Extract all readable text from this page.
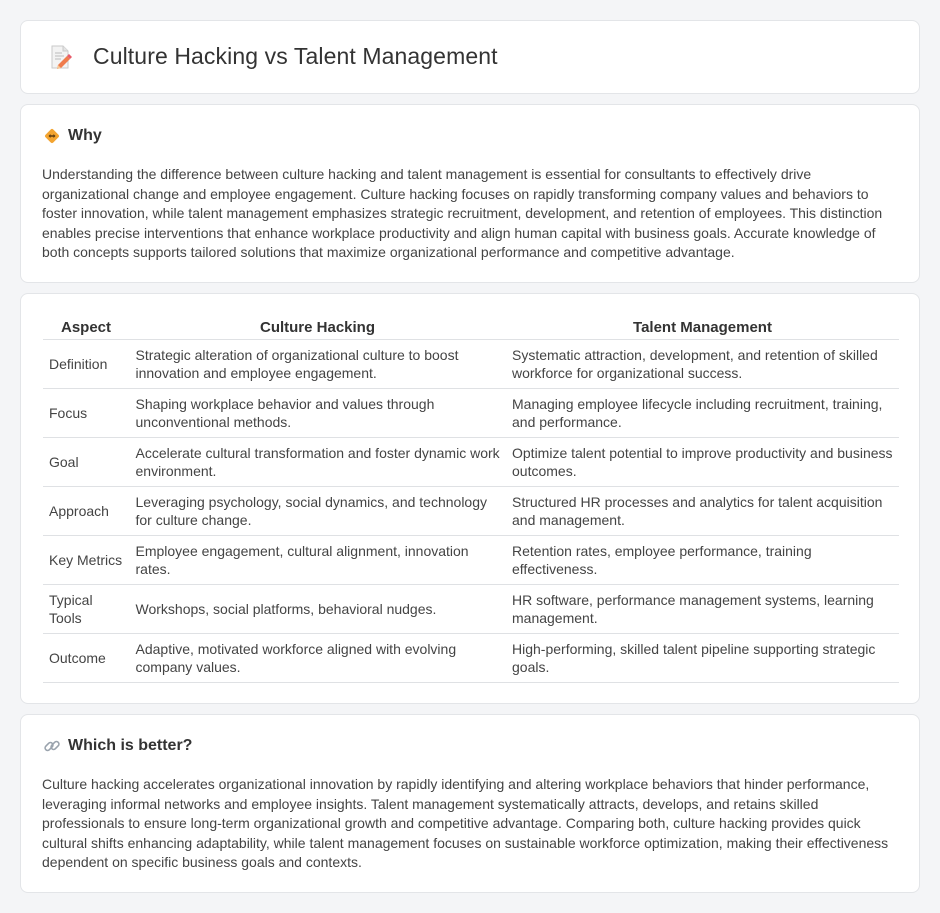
Culture Hacking vs Talent Management
Why

Understanding the difference between culture hacking and talent management is essential for consultants to effectively drive organizational change and employee engagement. Culture hacking focuses on rapidly transforming company values and behaviors to foster innovation, while talent management emphasizes strategic recruitment, development, and retention of employees. This distinction enables precise interventions that enhance workplace productivity and align human capital with business goals. Accurate knowledge of both concepts supports tailored solutions that maximize organizational performance and competitive advantage.

Aspect	Culture Hacking	Talent Management
Definition	Strategic alteration of organizational culture to boost innovation and employee engagement.	Systematic attraction, development, and retention of skilled workforce for organizational success.
Focus	Shaping workplace behavior and values through unconventional methods.	Managing employee lifecycle including recruitment, training, and performance.
Goal	Accelerate cultural transformation and foster dynamic work environment.	Optimize talent potential to improve productivity and business outcomes.
Approach	Leveraging psychology, social dynamics, and technology for culture change.	Structured HR processes and analytics for talent acquisition and management.
Key Metrics	Employee engagement, cultural alignment, innovation rates.	Retention rates, employee performance, training effectiveness.
Typical Tools	Workshops, social platforms, behavioral nudges.	HR software, performance management systems, learning management.
Outcome	Adaptive, motivated workforce aligned with evolving company values.	High-performing, skilled talent pipeline supporting strategic goals.
Which is better?

Culture hacking accelerates organizational innovation by rapidly identifying and altering workplace behaviors that hinder performance, leveraging informal networks and employee insights. Talent management systematically attracts, develops, and retains skilled professionals to ensure long-term organizational growth and competitive advantage. Comparing both, culture hacking provides quick cultural shifts enhancing adaptability, while talent management focuses on sustainable workforce optimization, making their effectiveness dependent on specific business goals and contexts.
